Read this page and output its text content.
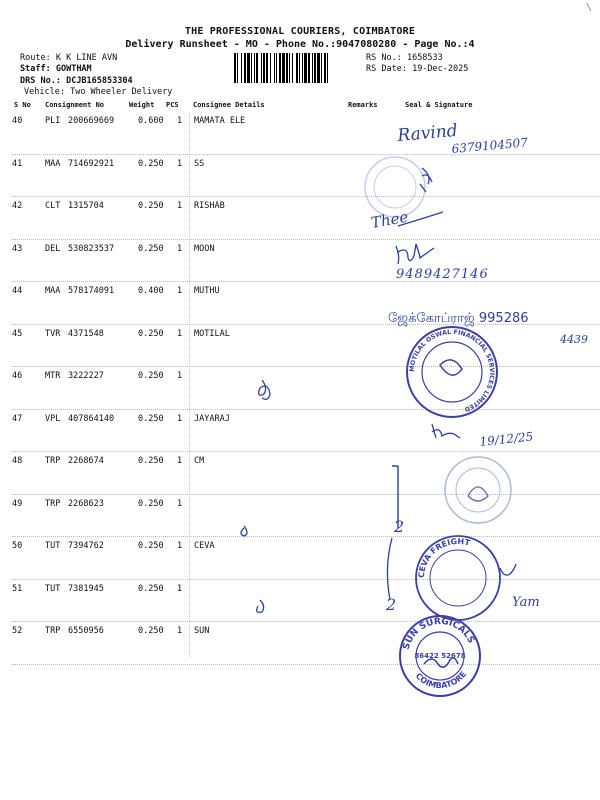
\
THE PROFESSIONAL COURIERS, COIMBATORE
Delivery Runsheet - MO - Phone No.:9047080280 - Page No.:4
Route: K K LINE AVN
Staff: GOWTHAM
DRS No.: DCJB165853304
Vehicle: Two Wheeler Delivery
RS No.: 1658533
RS Date: 19-Dec-2025
S No Consignment No	Weight PCS Consignee Details	Remarks	Seal & Signature
40	PLI 200669669	0.600 1 MAMATA ELE
41	MAA 714692921	0.250 1 SS
42	CLT 1315704	0.250 1 RISHAB
43	DEL 530823537	0.250 1 MOON
44	MAA 578174091	0.400 1 MUTHU
45	TVR 4371548	0.250 1 MOTILAL
46	MTR 3222227	0.250 1
47	VPL 407864140	0.250 1 JAYARAJ
48	TRP 2268674	0.250 1 CM
49	TRP 2268623	0.250 1
50	TUT 7394762	0.250 1 CEVA
51	TUT 7381945	0.250 1
52	TRP 6550956	0.250 1 SUN
Ravind
6379104507
Thee
9489427146
ஜேக்கோப்ராஜ் 995286
4439
MOTILAL OSWAL FINANCIAL SERVICES LIMITED
19/12/25
2
CEVA FREIGHT
2	Yam
SUN SURGICALS
COIMBATORE
86422 52678
